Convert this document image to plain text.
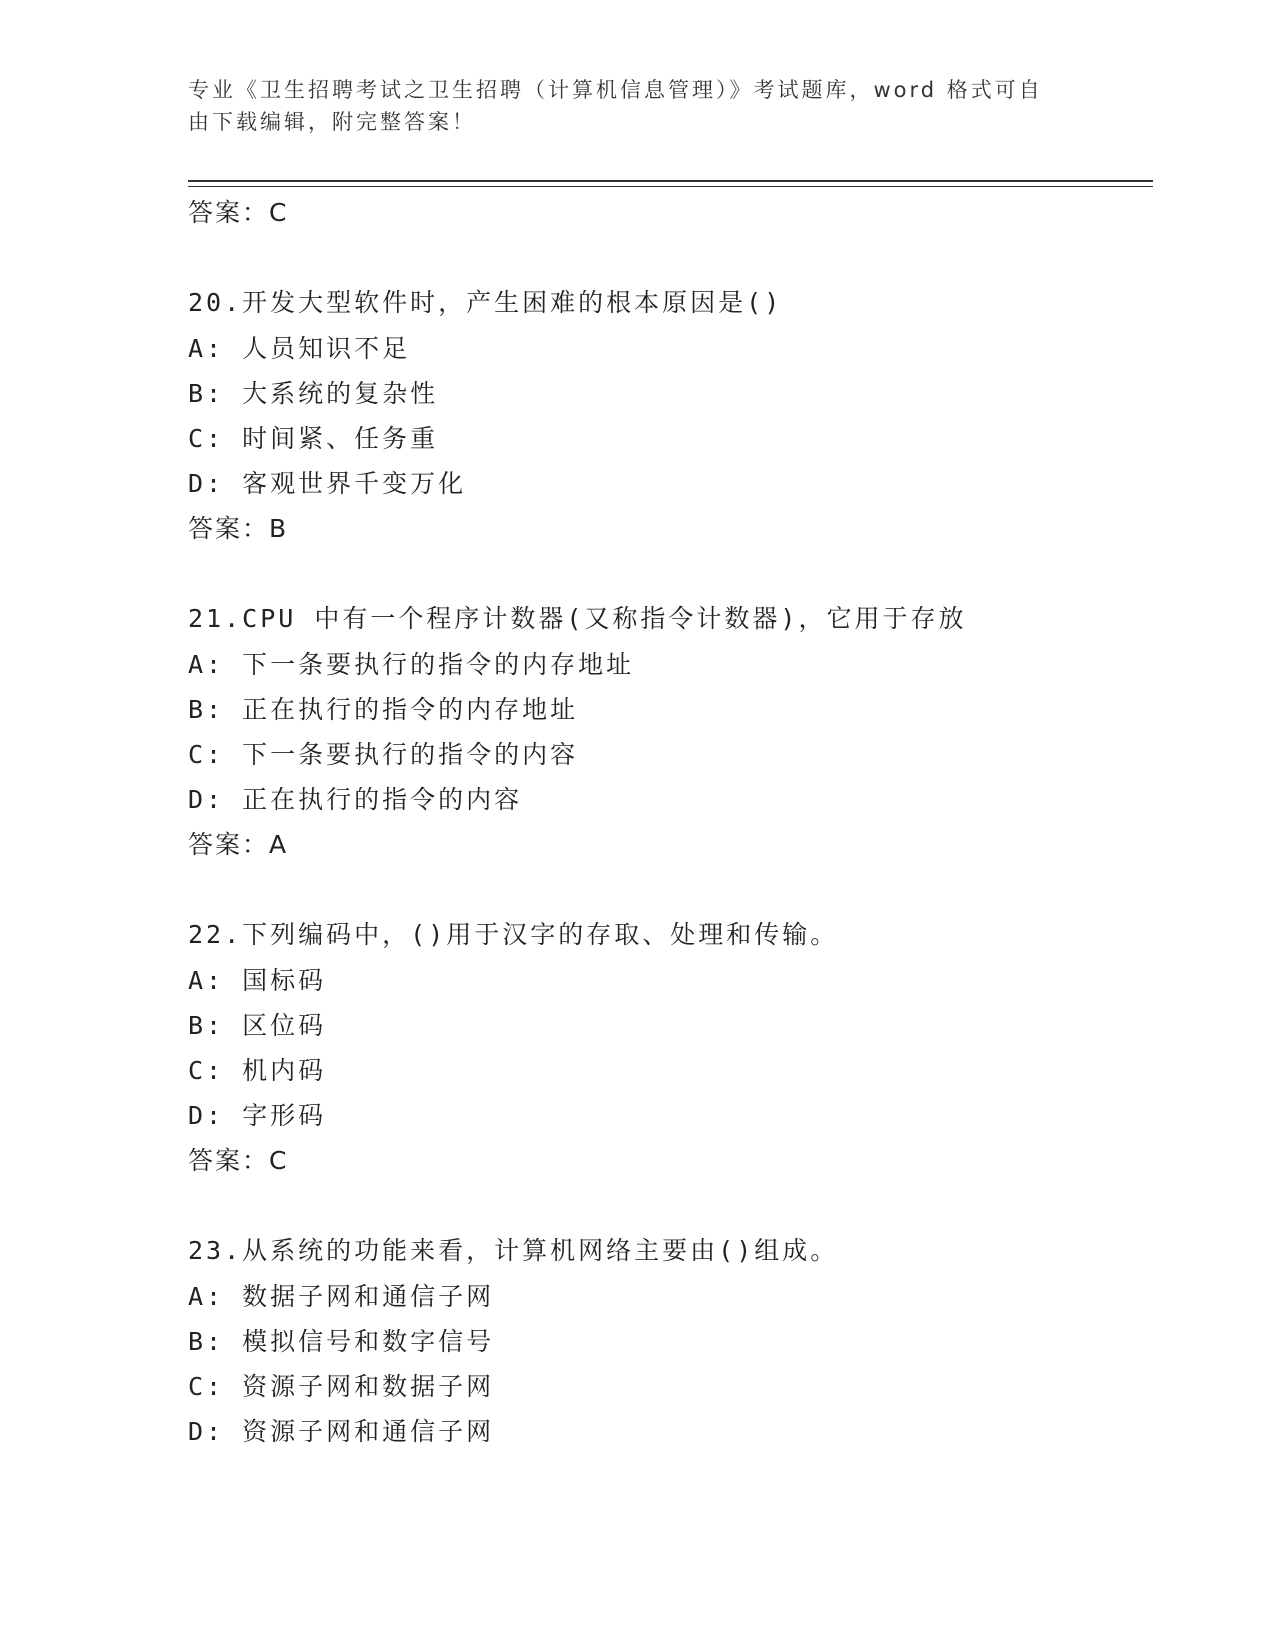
专业《卫生招聘考试之卫生招聘（计算机信息管理）》考试题库，word 格式可自
由下载编辑，附完整答案！
答案：C
20.开发大型软件时，产生困难的根本原因是()
A: 人员知识不足
B: 大系统的复杂性
C: 时间紧、任务重
D: 客观世界千变万化
答案：B
21.CPU 中有一个程序计数器(又称指令计数器)，它用于存放
A: 下一条要执行的指令的内存地址
B: 正在执行的指令的内存地址
C: 下一条要执行的指令的内容
D: 正在执行的指令的内容
答案：A
22.下列编码中，()用于汉字的存取、处理和传输。
A: 国标码
B: 区位码
C: 机内码
D: 字形码
答案：C
23.从系统的功能来看，计算机网络主要由()组成。
A: 数据子网和通信子网
B: 模拟信号和数字信号
C: 资源子网和数据子网
D: 资源子网和通信子网
